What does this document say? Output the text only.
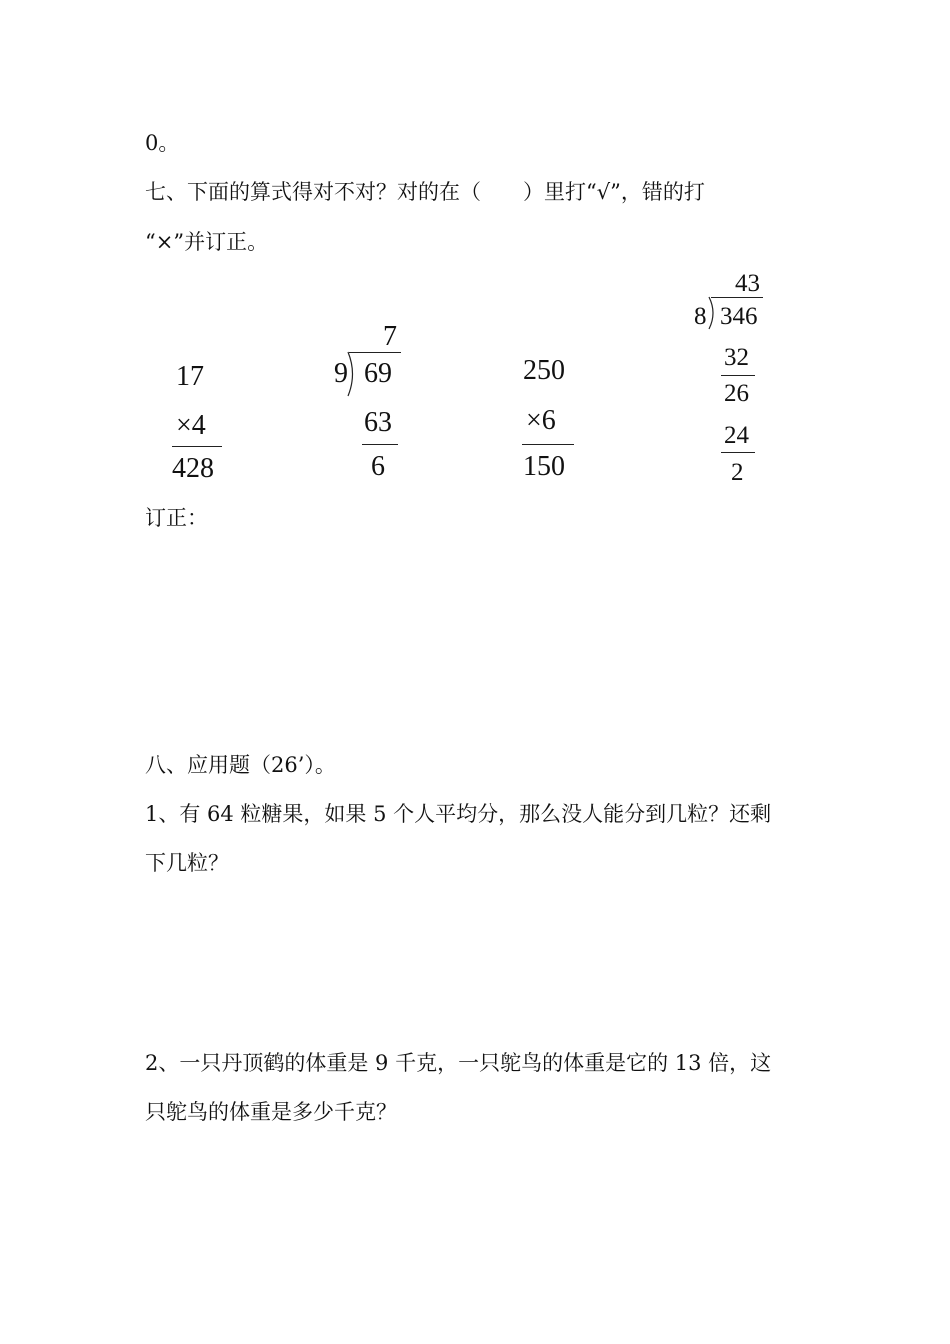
0。
七、下面的算式得对不对？对的在（　　）里打“√”，错的打
“×”并订正。
17
×4
428
7
9 69
63
6
250
×6
150
43
8 346
32
26
24
2
订正：
八、应用题（26’）。
1、有 64 粒糖果，如果 5 个人平均分，那么没人能分到几粒？还剩
下几粒？
2、一只丹顶鹤的体重是 9 千克，一只鸵鸟的体重是它的 13 倍，这
只鸵鸟的体重是多少千克？
